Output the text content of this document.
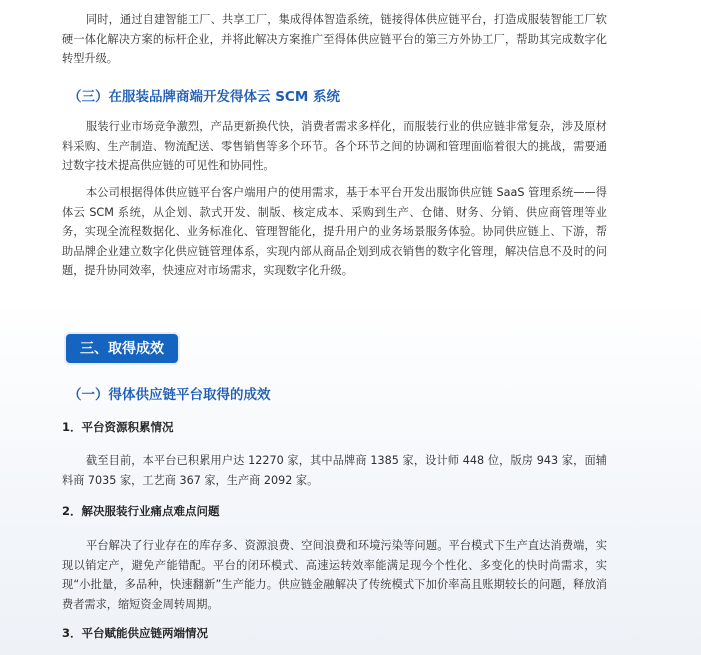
同时，通过自建智能工厂、共享工厂，集成得体智造系统，链接得体供应链平台，打造成服装智能工厂软硬一体化解决方案的标杆企业，并将此解决方案推广至得体供应链平台的第三方外协工厂，帮助其完成数字化转型升级。

（三）在服装品牌商端开发得体云 SCM 系统

服装行业市场竞争激烈，产品更新换代快，消费者需求多样化，而服装行业的供应链非常复杂，涉及原材料采购、生产制造、物流配送、零售销售等多个环节。各个环节之间的协调和管理面临着很大的挑战，需要通过数字技术提高供应链的可见性和协同性。

本公司根据得体供应链平台客户端用户的使用需求，基于本平台开发出服饰供应链 SaaS 管理系统——得体云 SCM 系统，从企划、款式开发、制版、核定成本、采购到生产、仓储、财务、分销、供应商管理等业务，实现全流程数据化、业务标准化、管理智能化，提升用户的业务场景服务体验。协同供应链上、下游，帮助品牌企业建立数字化供应链管理体系，实现内部从商品企划到成衣销售的数字化管理，解决信息不及时的问题，提升协同效率，快速应对市场需求，实现数字化升级。

三、取得成效
（一）得体供应链平台取得的成效
1．平台资源积累情况

截至目前，本平台已积累用户达 12270 家，其中品牌商 1385 家，设计师 448 位，版房 943 家，面辅料商 7035 家，工艺商 367 家，生产商 2092 家。

2．解决服装行业痛点难点问题

平台解决了行业存在的库存多、资源浪费、空间浪费和环境污染等问题。平台模式下生产直达消费端，实现以销定产，避免产能错配。平台的闭环模式、高速运转效率能满足现今个性化、多变化的快时尚需求，实现“小批量，多品种，快速翻新”生产能力。供应链金融解决了传统模式下加价率高且账期较长的问题，释放消费者需求，缩短资金周转周期。

3．平台赋能供应链两端情况
